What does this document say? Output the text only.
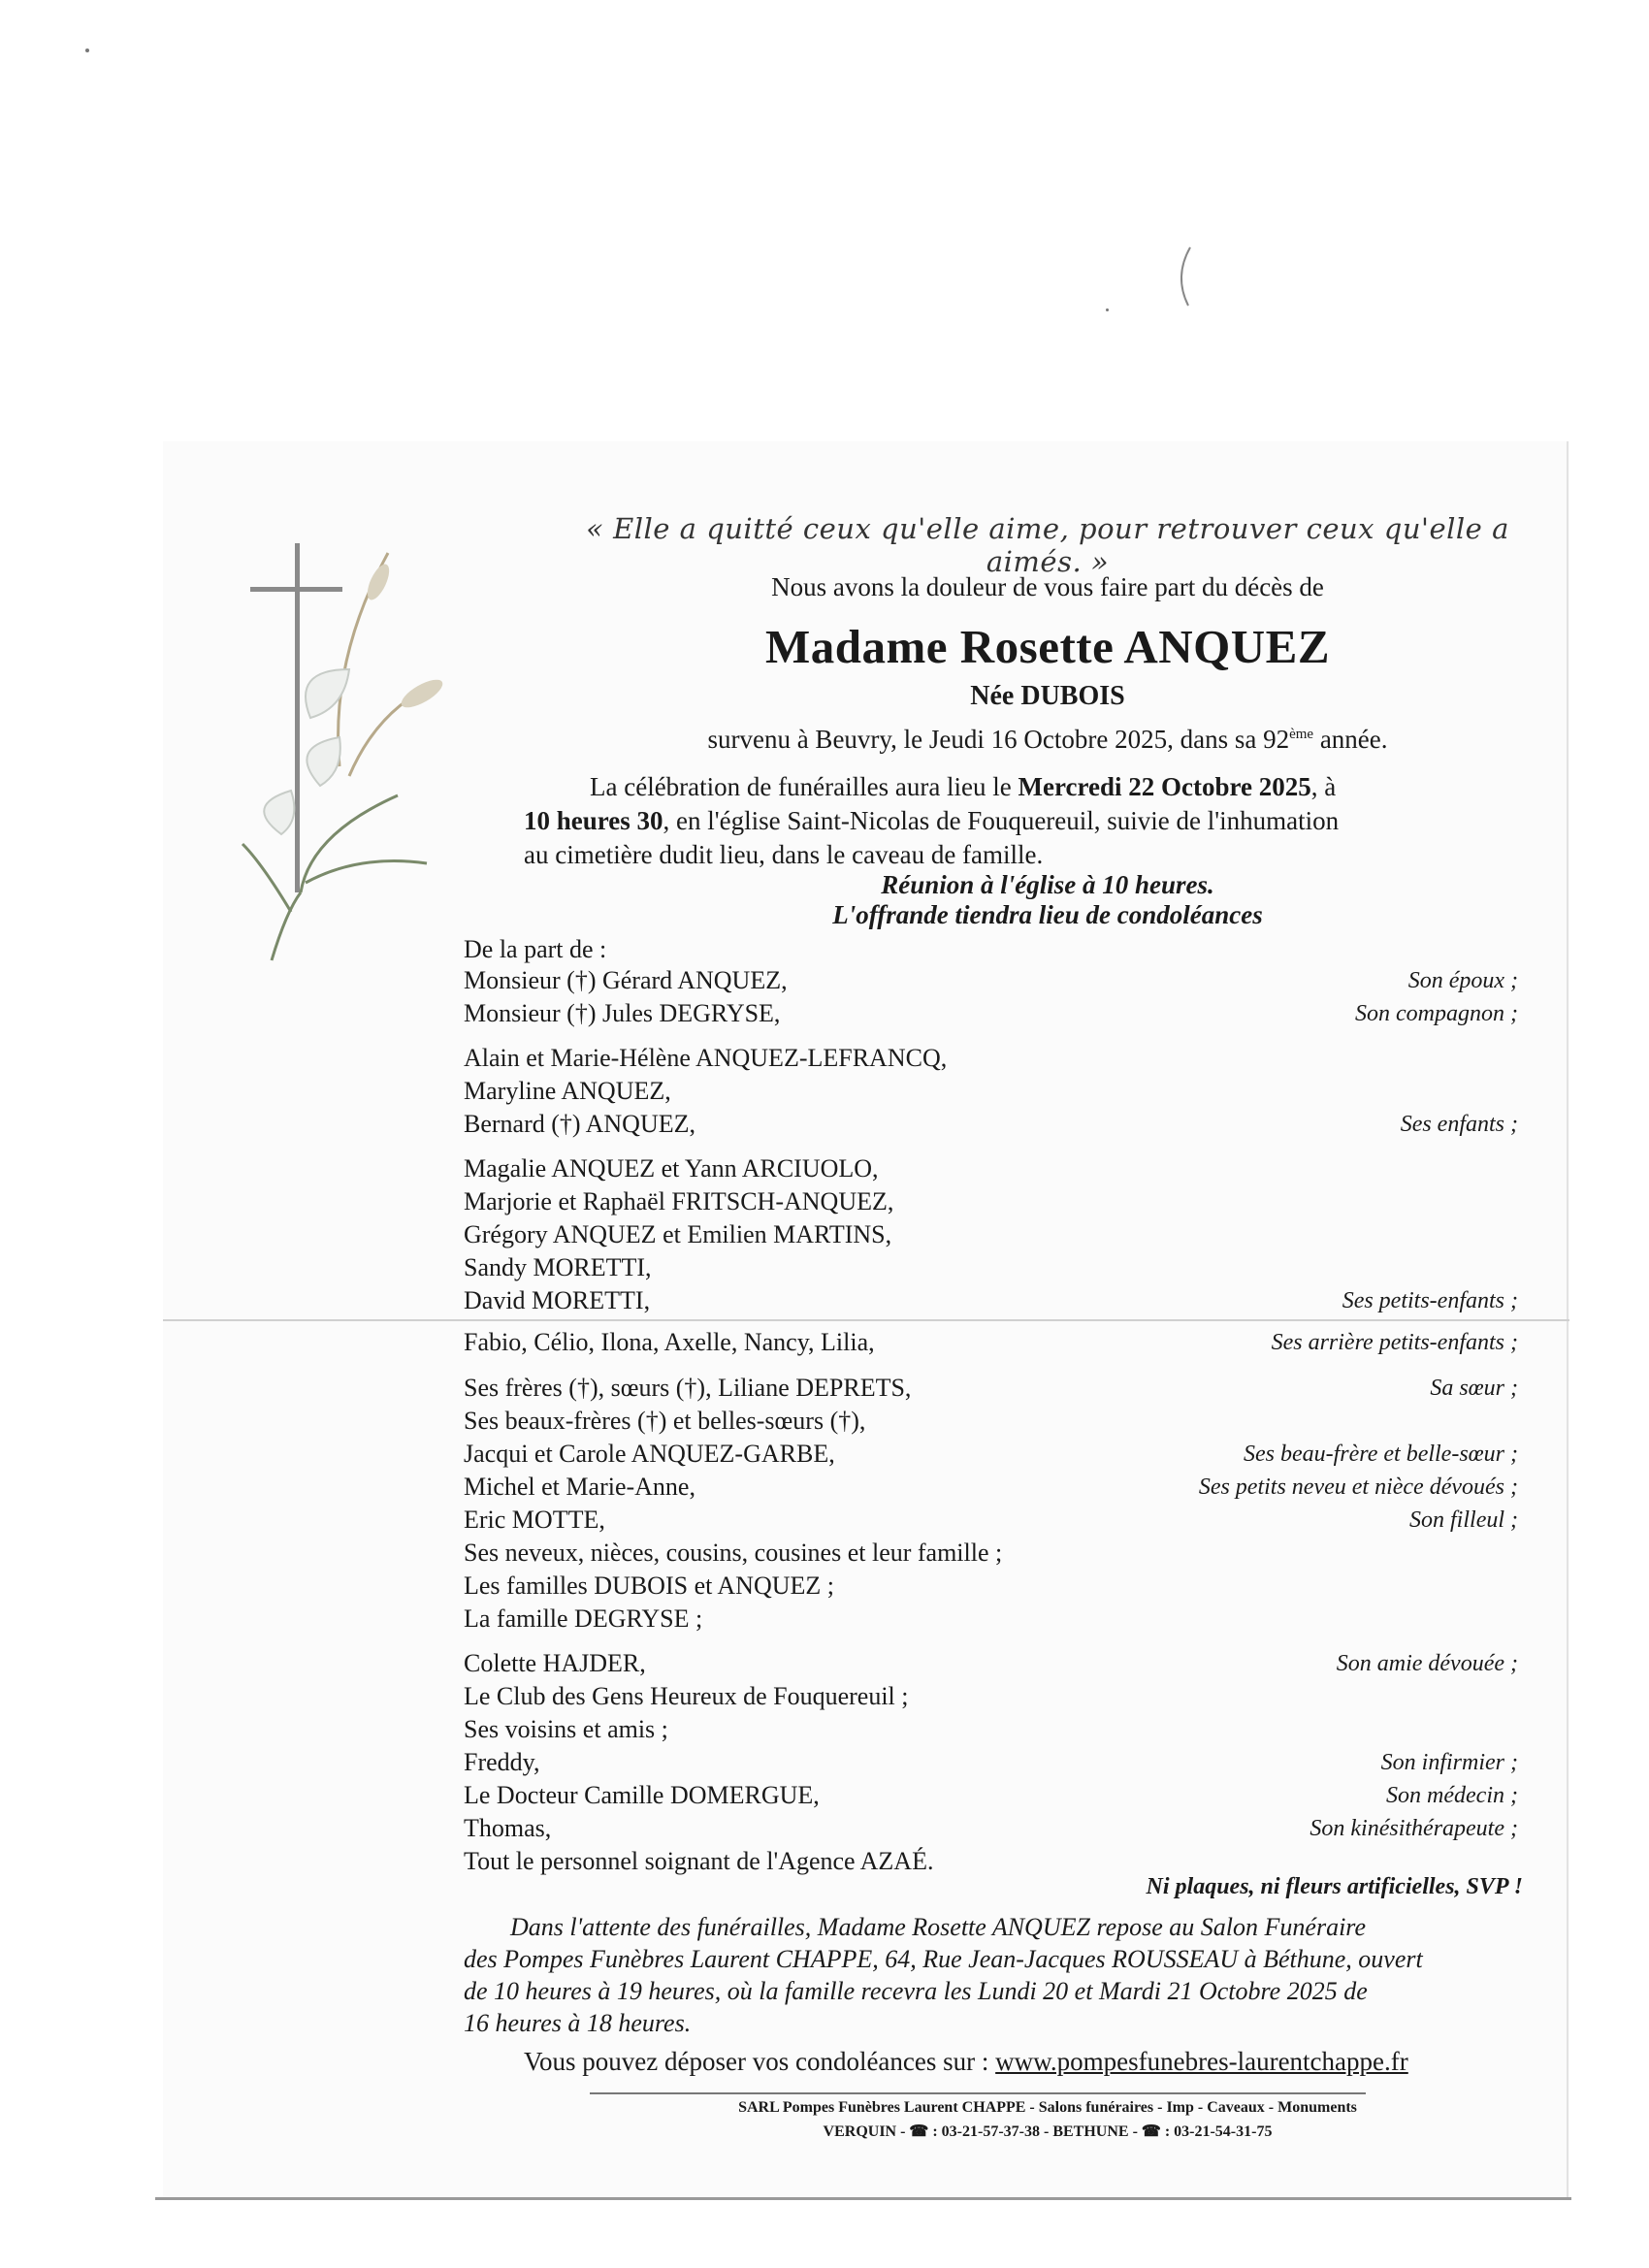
« Elle a quitté ceux qu'elle aime, pour retrouver ceux qu'elle a aimés. »
Nous avons la douleur de vous faire part du décès de
Madame Rosette ANQUEZ
Née DUBOIS
survenu à Beuvry, le Jeudi 16 Octobre 2025, dans sa 92ème année.
La célébration de funérailles aura lieu le Mercredi 22 Octobre 2025, à
10 heures 30, en l'église Saint-Nicolas de Fouquereuil, suivie de l'inhumation
au cimetière dudit lieu, dans le caveau de famille.
Réunion à l'église à 10 heures.
L'offrande tiendra lieu de condoléances
De la part de :
Monsieur (†) Gérard ANQUEZ,
Monsieur (†) Jules DEGRYSE,
Alain et Marie-Hélène ANQUEZ-LEFRANCQ,
Maryline ANQUEZ,
Bernard (†) ANQUEZ,
Magalie ANQUEZ et Yann ARCIUOLO,
Marjorie et Raphaël FRITSCH-ANQUEZ,
Grégory ANQUEZ et Emilien MARTINS,
Sandy MORETTI,
David MORETTI,
Fabio, Célio, Ilona, Axelle, Nancy, Lilia,
Ses frères (†), sœurs (†), Liliane DEPRETS,
Ses beaux-frères (†) et belles-sœurs (†),
Jacqui et Carole ANQUEZ-GARBE,
Michel et Marie-Anne,
Eric MOTTE,
Ses neveux, nièces, cousins, cousines et leur famille ;
Les familles DUBOIS et ANQUEZ ;
La famille DEGRYSE ;
Colette HAJDER,
Le Club des Gens Heureux de Fouquereuil ;
Ses voisins et amis ;
Freddy,
Le Docteur Camille DOMERGUE,
Thomas,
Tout le personnel soignant de l'Agence AZAÉ.
Son époux ;
Son compagnon ;
Ses enfants ;
Ses petits-enfants ;
Ses arrière petits-enfants ;
Sa sœur ;
Ses beau-frère et belle-sœur ;
Ses petits neveu et nièce dévoués ;
Son filleul ;
Son amie dévouée ;
Son infirmier ;
Son médecin ;
Son kinésithérapeute ;
Ni plaques, ni fleurs artificielles, SVP !
Dans l'attente des funérailles, Madame Rosette ANQUEZ repose au Salon Funéraire
des Pompes Funèbres Laurent CHAPPE, 64, Rue Jean-Jacques ROUSSEAU à Béthune, ouvert
de 10 heures à 19 heures, où la famille recevra les Lundi 20 et Mardi 21 Octobre 2025 de
16 heures à 18 heures.
Vous pouvez déposer vos condoléances sur : www.pompesfunebres-laurentchappe.fr
SARL Pompes Funèbres Laurent CHAPPE - Salons funéraires - Imp - Caveaux - Monuments
VERQUIN - ☎ : 03-21-57-37-38 - BETHUNE - ☎ : 03-21-54-31-75
